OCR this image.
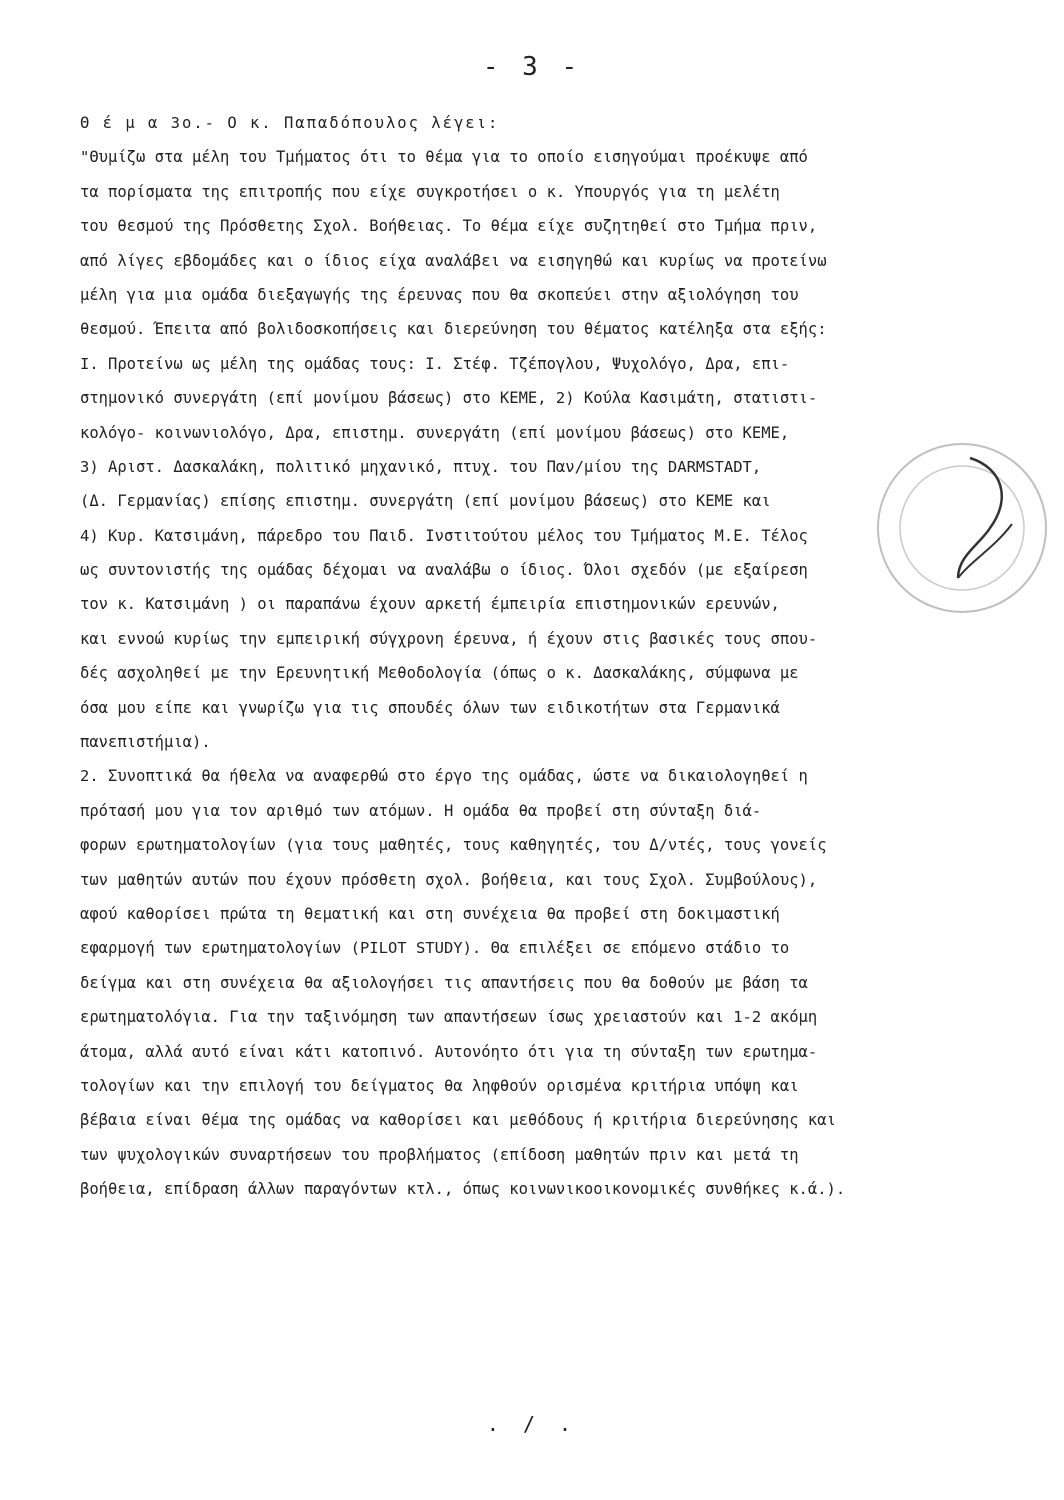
- 3 -
Θ έ μ α 3ο.- Ο κ. Παπαδόπουλος λέγει:
"Θυμίζω στα μέλη του Τμήματος ότι το θέμα για το οποίο εισηγούμαι προέκυψε από
τα πορίσματα της επιτροπής που είχε συγκροτήσει ο κ. Υπουργός για τη μελέτη
του θεσμού της Πρόσθετης Σχολ. Βοήθειας. Το θέμα είχε συζητηθεί στο Τμήμα πριν,
από λίγες εβδομάδες και ο ίδιος είχα αναλάβει να εισηγηθώ και κυρίως να προτείνω
μέλη για μια ομάδα διεξαγωγής της έρευνας που θα σκοπεύει στην αξιολόγηση του
θεσμού. Έπειτα από βολιδοσκοπήσεις και διερεύνηση του θέματος κατέληξα στα εξής:
I. Προτείνω ως μέλη της ομάδας τους: Ι. Στέφ. Τζέπογλου, Ψυχολόγο, Δρα, επι-
στημονικό συνεργάτη (επί μονίμου βάσεως) στο ΚΕΜΕ, 2) Κούλα Κασιμάτη, στατιστι-
κολόγο- κοινωνιολόγο, Δρα, επιστημ. συνεργάτη (επί μονίμου βάσεως) στο ΚΕΜΕ,
3) Αριστ. Δασκαλάκη, πολιτικό μηχανικό, πτυχ. του Παν/μίου της DARMSTADT,
(Δ. Γερμανίας) επίσης επιστημ. συνεργάτη (επί μονίμου βάσεως) στο ΚΕΜΕ και
4) Κυρ. Κατσιμάνη, πάρεδρο του Παιδ. Ινστιτούτου μέλος του Τμήματος Μ.Ε. Τέλος
ως συντονιστής της ομάδας δέχομαι να αναλάβω ο ίδιος. Όλοι σχεδόν (με εξαίρεση
τον κ. Κατσιμάνη ) οι παραπάνω έχουν αρκετή έμπειρία επιστημονικών ερευνών,
και εννοώ κυρίως την εμπειρική σύγχρονη έρευνα, ή έχουν στις βασικές τους σπου-
δές ασχοληθεί με την Ερευνητική Μεθοδολογία (όπως ο κ. Δασκαλάκης, σύμφωνα με
όσα μου είπε και γνωρίζω για τις σπουδές όλων των ειδικοτήτων στα Γερμανικά
πανεπιστήμια).
2. Συνοπτικά θα ήθελα να αναφερθώ στο έργο της ομάδας, ώστε να δικαιολογηθεί η
πρότασή μου για τον αριθμό των ατόμων. Η ομάδα θα προβεί στη σύνταξη διά-
φορων ερωτηματολογίων (για τους μαθητές, τους καθηγητές, του Δ/ντές, τους γονείς
των μαθητών αυτών που έχουν πρόσθετη σχολ. βοήθεια, και τους Σχολ. Συμβούλους),
αφού καθορίσει πρώτα τη θεματική και στη συνέχεια θα προβεί στη δοκιμαστική
εφαρμογή των ερωτηματολογίων (PILOT STUDY). Θα επιλέξει σε επόμενο στάδιο το
δείγμα και στη συνέχεια θα αξιολογήσει τις απαντήσεις που θα δοθούν με βάση τα
ερωτηματολόγια. Για την ταξινόμηση των απαντήσεων ίσως χρειαστούν και 1-2 ακόμη
άτομα, αλλά αυτό είναι κάτι κατοπινό. Αυτονόητο ότι για τη σύνταξη των ερωτημα-
τολογίων και την επιλογή του δείγματος θα ληφθούν ορισμένα κριτήρια υπόψη και
βέβαια είναι θέμα της ομάδας να καθορίσει και μεθόδους ή κριτήρια διερεύνησης και
των ψυχολογικών συναρτήσεων του προβλήματος (επίδοση μαθητών πριν και μετά τη
βοήθεια, επίδραση άλλων παραγόντων κτλ., όπως κοινωνικοοικονομικές συνθήκες κ.ά.).
. / .
